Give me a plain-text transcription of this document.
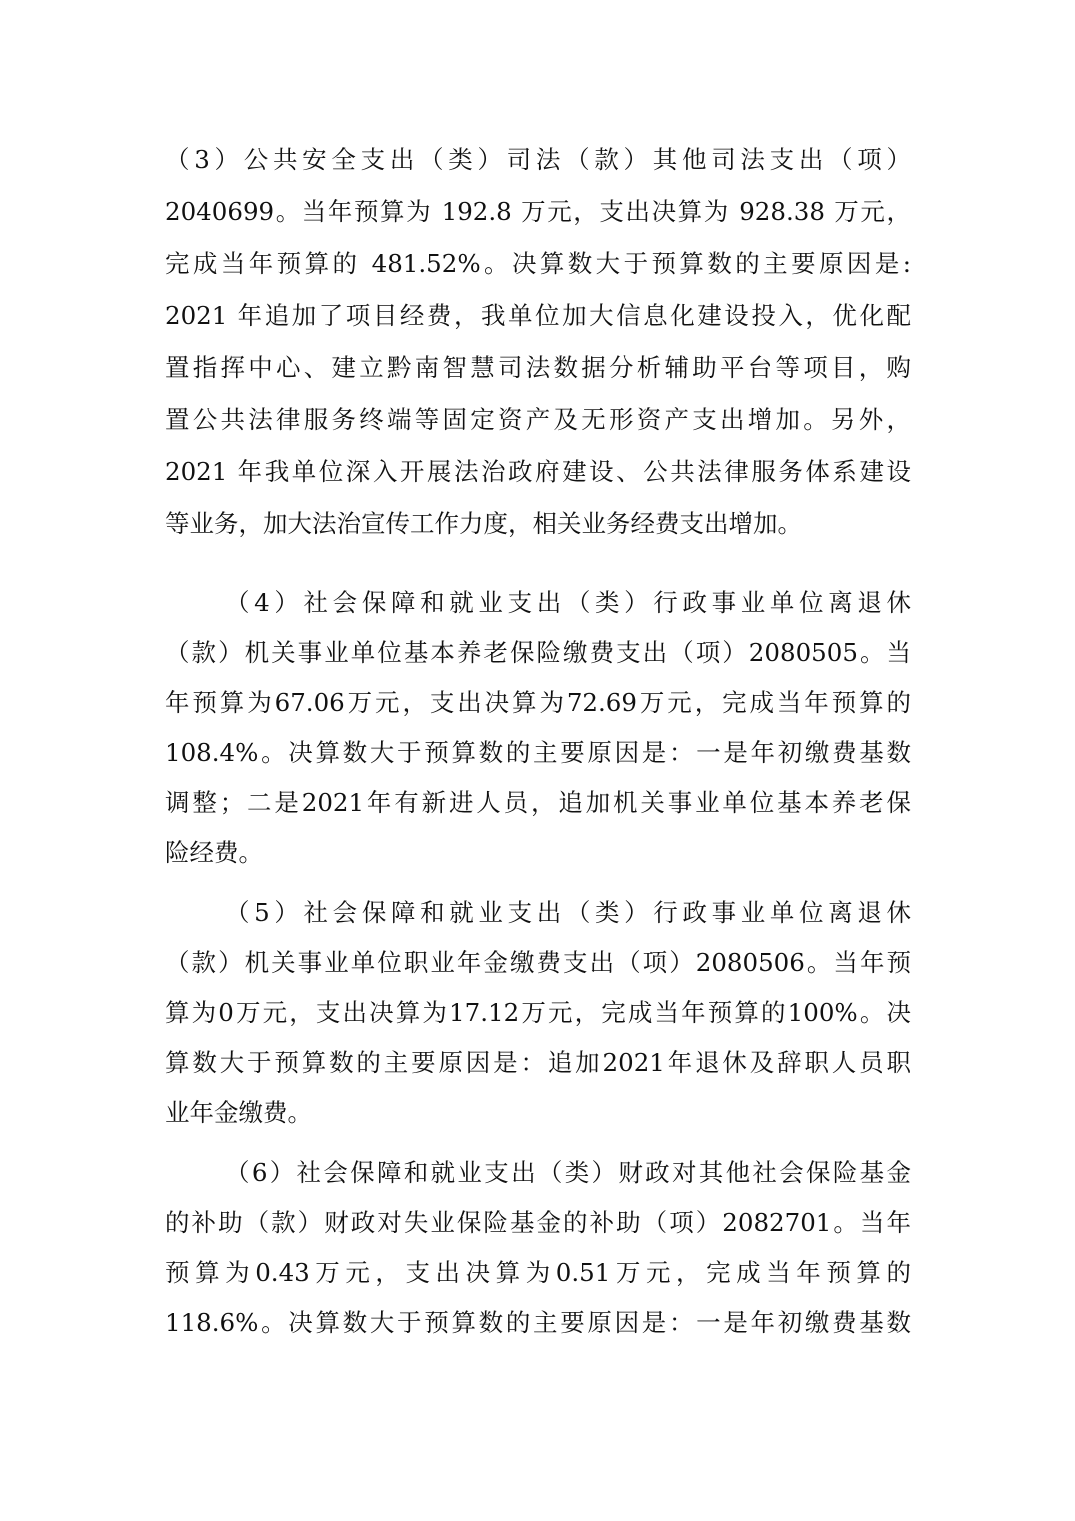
（3）公共安全支出（类）司法（款）其他司法支出（项）
2040699。当年预算为 192.8 万元，支出决算为 928.38 万元，
完成当年预算的 481.52%。决算数大于预算数的主要原因是:
2021 年追加了项目经费，我单位加大信息化建设投入，优化配
置指挥中心、建立黔南智慧司法数据分析辅助平台等项目，购
置公共法律服务终端等固定资产及无形资产支出增加。另外，
2021 年我单位深入开展法治政府建设、公共法律服务体系建设
等业务，加大法治宣传工作力度，相关业务经费支出增加。
（4）社会保障和就业支出（类）行政事业单位离退休
（款）机关事业单位基本养老保险缴费支出（项）2080505。当
年预算为67.06万元，支出决算为72.69万元，完成当年预算的
108.4%。决算数大于预算数的主要原因是：一是年初缴费基数
调整；二是2021年有新进人员，追加机关事业单位基本养老保
险经费。
（5）社会保障和就业支出（类）行政事业单位离退休
（款）机关事业单位职业年金缴费支出（项）2080506。当年预
算为0万元，支出决算为17.12万元，完成当年预算的100%。决
算数大于预算数的主要原因是：追加2021年退休及辞职人员职
业年金缴费。
（6）社会保障和就业支出（类）财政对其他社会保险基金
的补助（款）财政对失业保险基金的补助（项）2082701。当年
预算为0.43万元，支出决算为0.51万元，完成当年预算的
118.6%。决算数大于预算数的主要原因是：一是年初缴费基数
